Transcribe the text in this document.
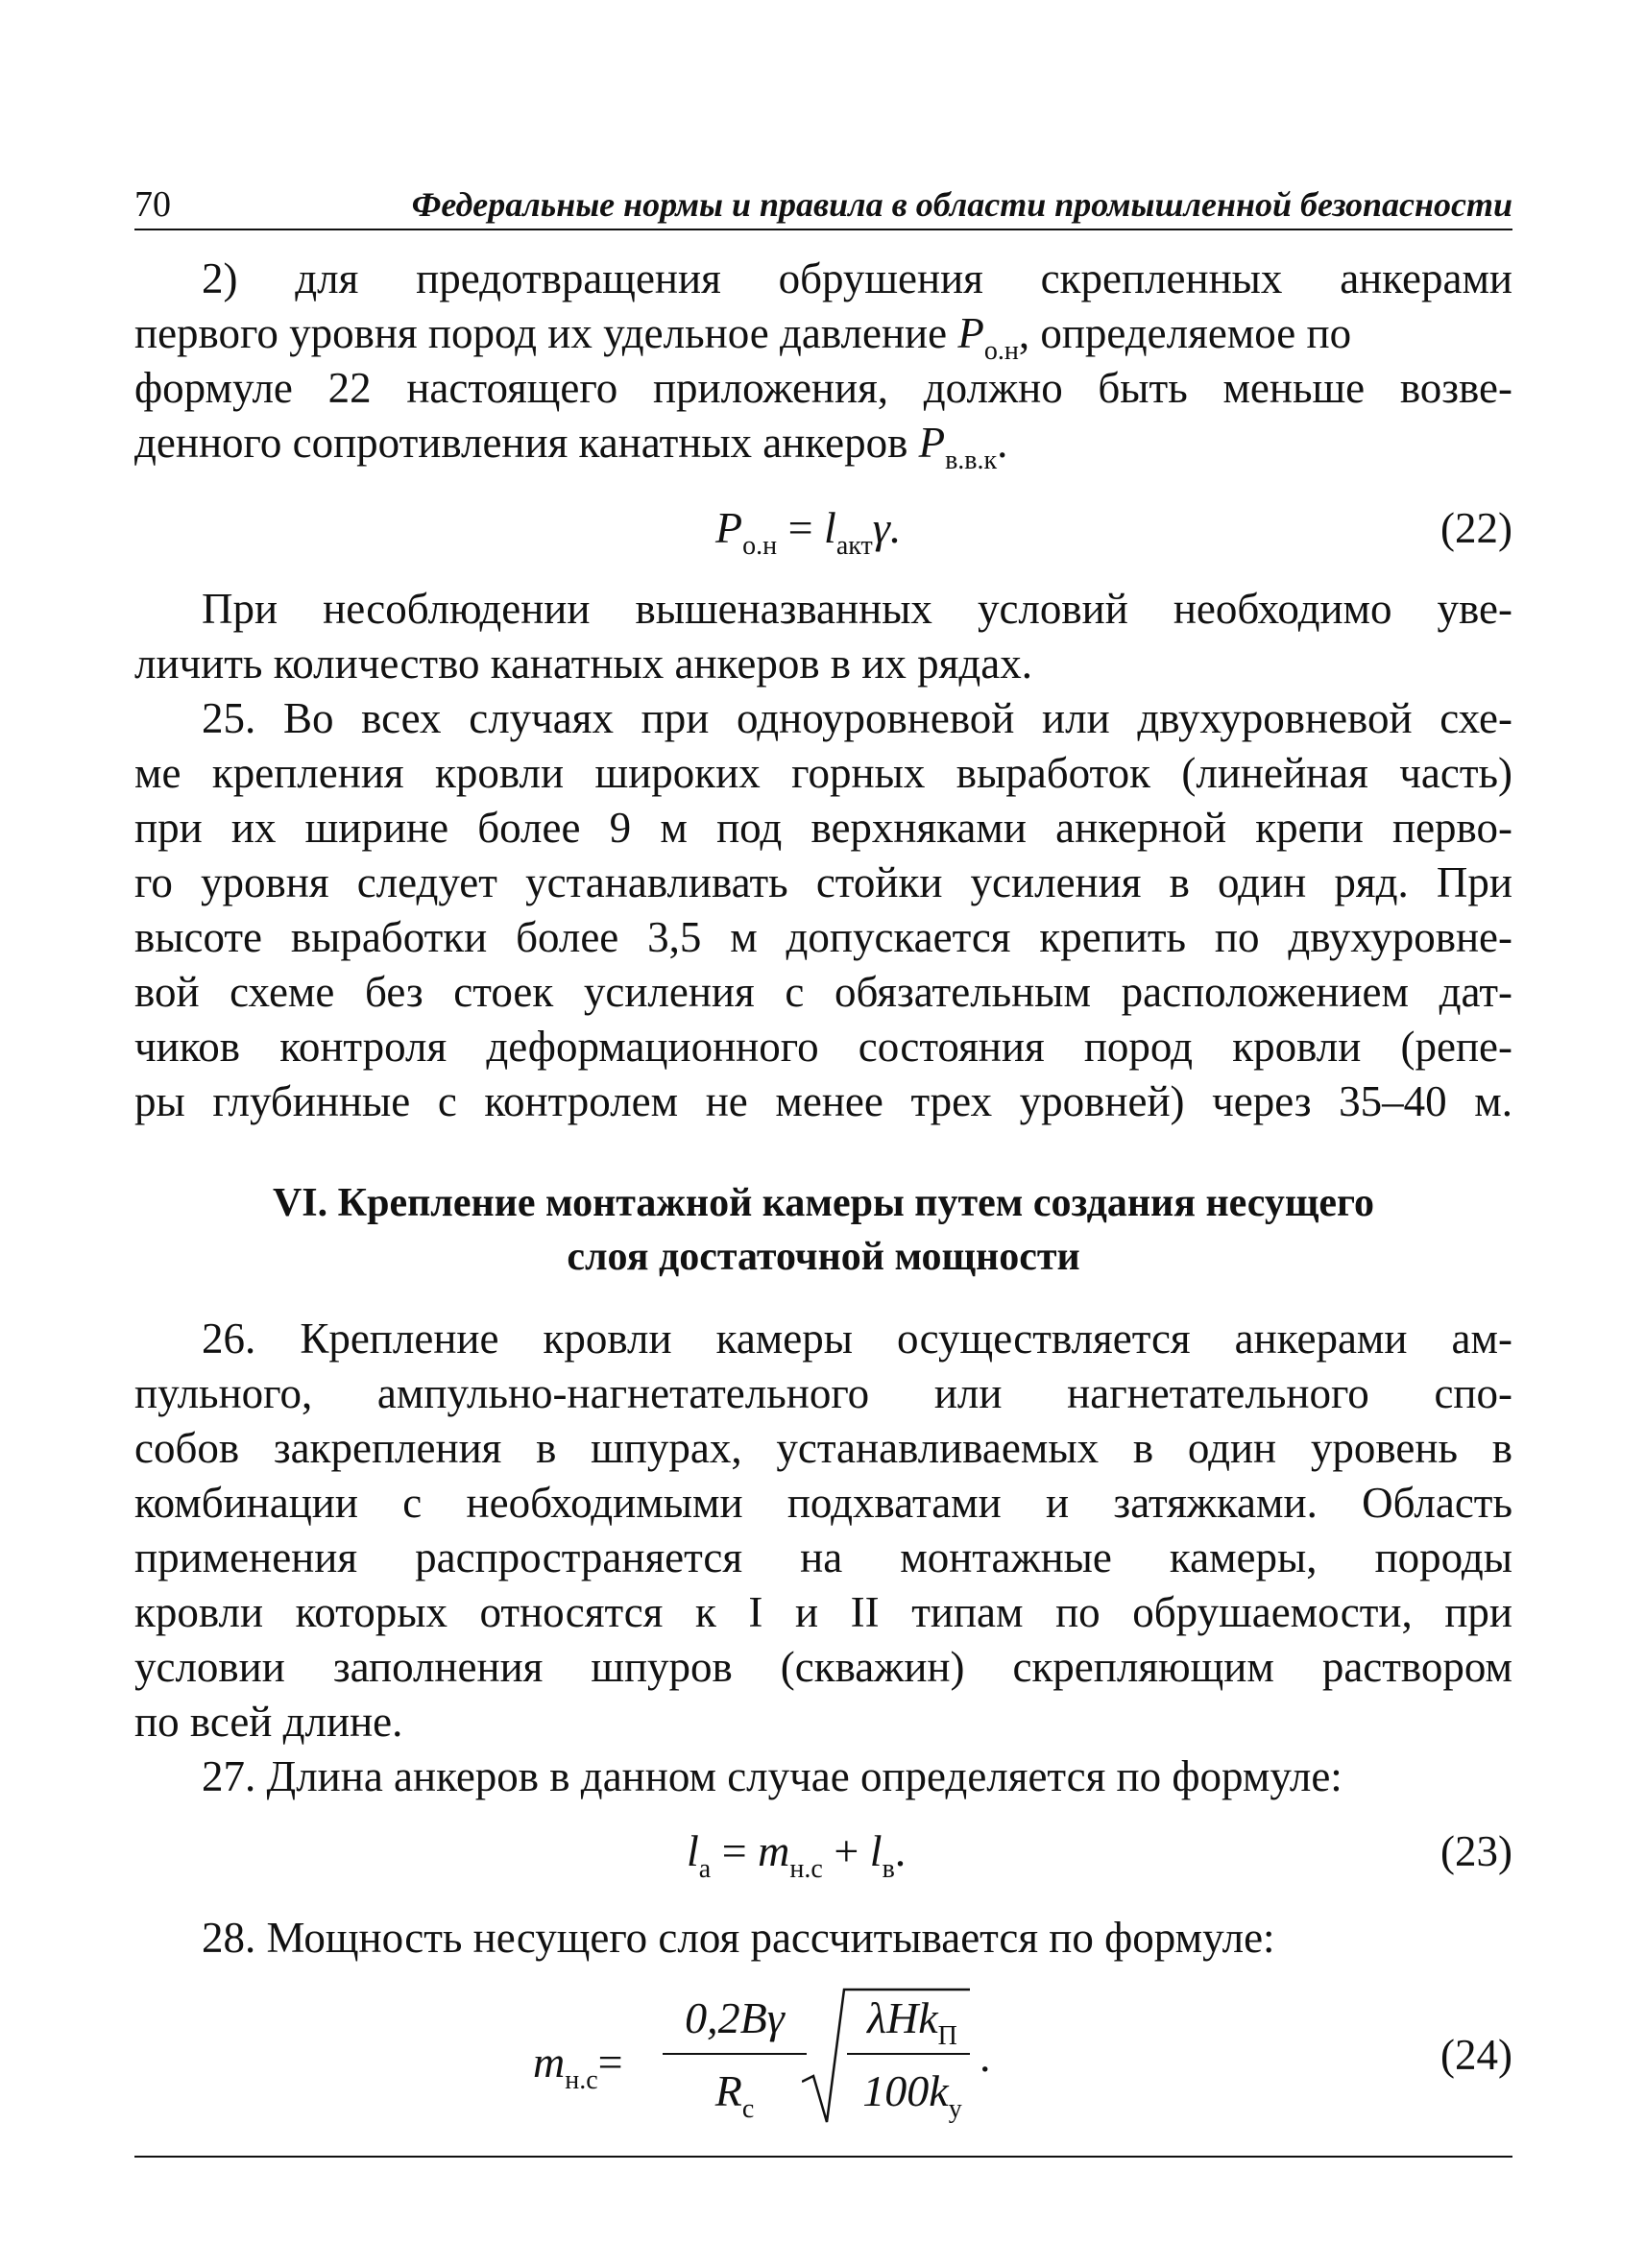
70	Федеральные нормы и правила в области промышленной безопасности
2) для предотвращения обрушения скрепленных анкерами
первого уровня пород их удельное давление $P_{о.н}$, определяемое по
формуле 22 настоящего приложения, должно быть меньше возве-
денного сопротивления канатных анкеров $P_{в.в.к}$.
$P_{о.н} = l_{акт}\gamma$.	(22)
При несоблюдении вышеназванных условий необходимо уве-
личить количество канатных анкеров в их рядах.
25. Во всех случаях при одноуровневой или двухуровневой схе-
ме крепления кровли широких горных выработок (линейная часть)
при их ширине более 9 м под верхняками анкерной крепи перво-
го уровня следует устанавливать стойки усиления в один ряд. При
высоте выработки более 3,5 м допускается крепить по двухуровне-
вой схеме без стоек усиления с обязательным расположением дат-
чиков контроля деформационного состояния пород кровли (репе-
ры глубинные с контролем не менее трех уровней) через 35–40 м.
VI. Крепление монтажной камеры путем создания несущего
слоя достаточной мощности
26. Крепление кровли камеры осуществляется анкерами ам-
пульного, ампульно-нагнетательного или нагнетательного спо-
собов закрепления в шпурах, устанавливаемых в один уровень в
комбинации с необходимыми подхватами и затяжками. Область
применения распространяется на монтажные камеры, породы
кровли которых относятся к I и II типам по обрушаемости, при
условии заполнения шпуров (скважин) скрепляющим раствором
по всей длине.
27. Длина анкеров в данном случае определяется по формуле:
$l_а = m_{н.с} + l_в$.	(23)
28. Мощность несущего слоя рассчитывается по формуле:
$m_{н.с}=$
0,2Bγ
$R_с$
λHk$_П$
$100k_у$
.	(24)
